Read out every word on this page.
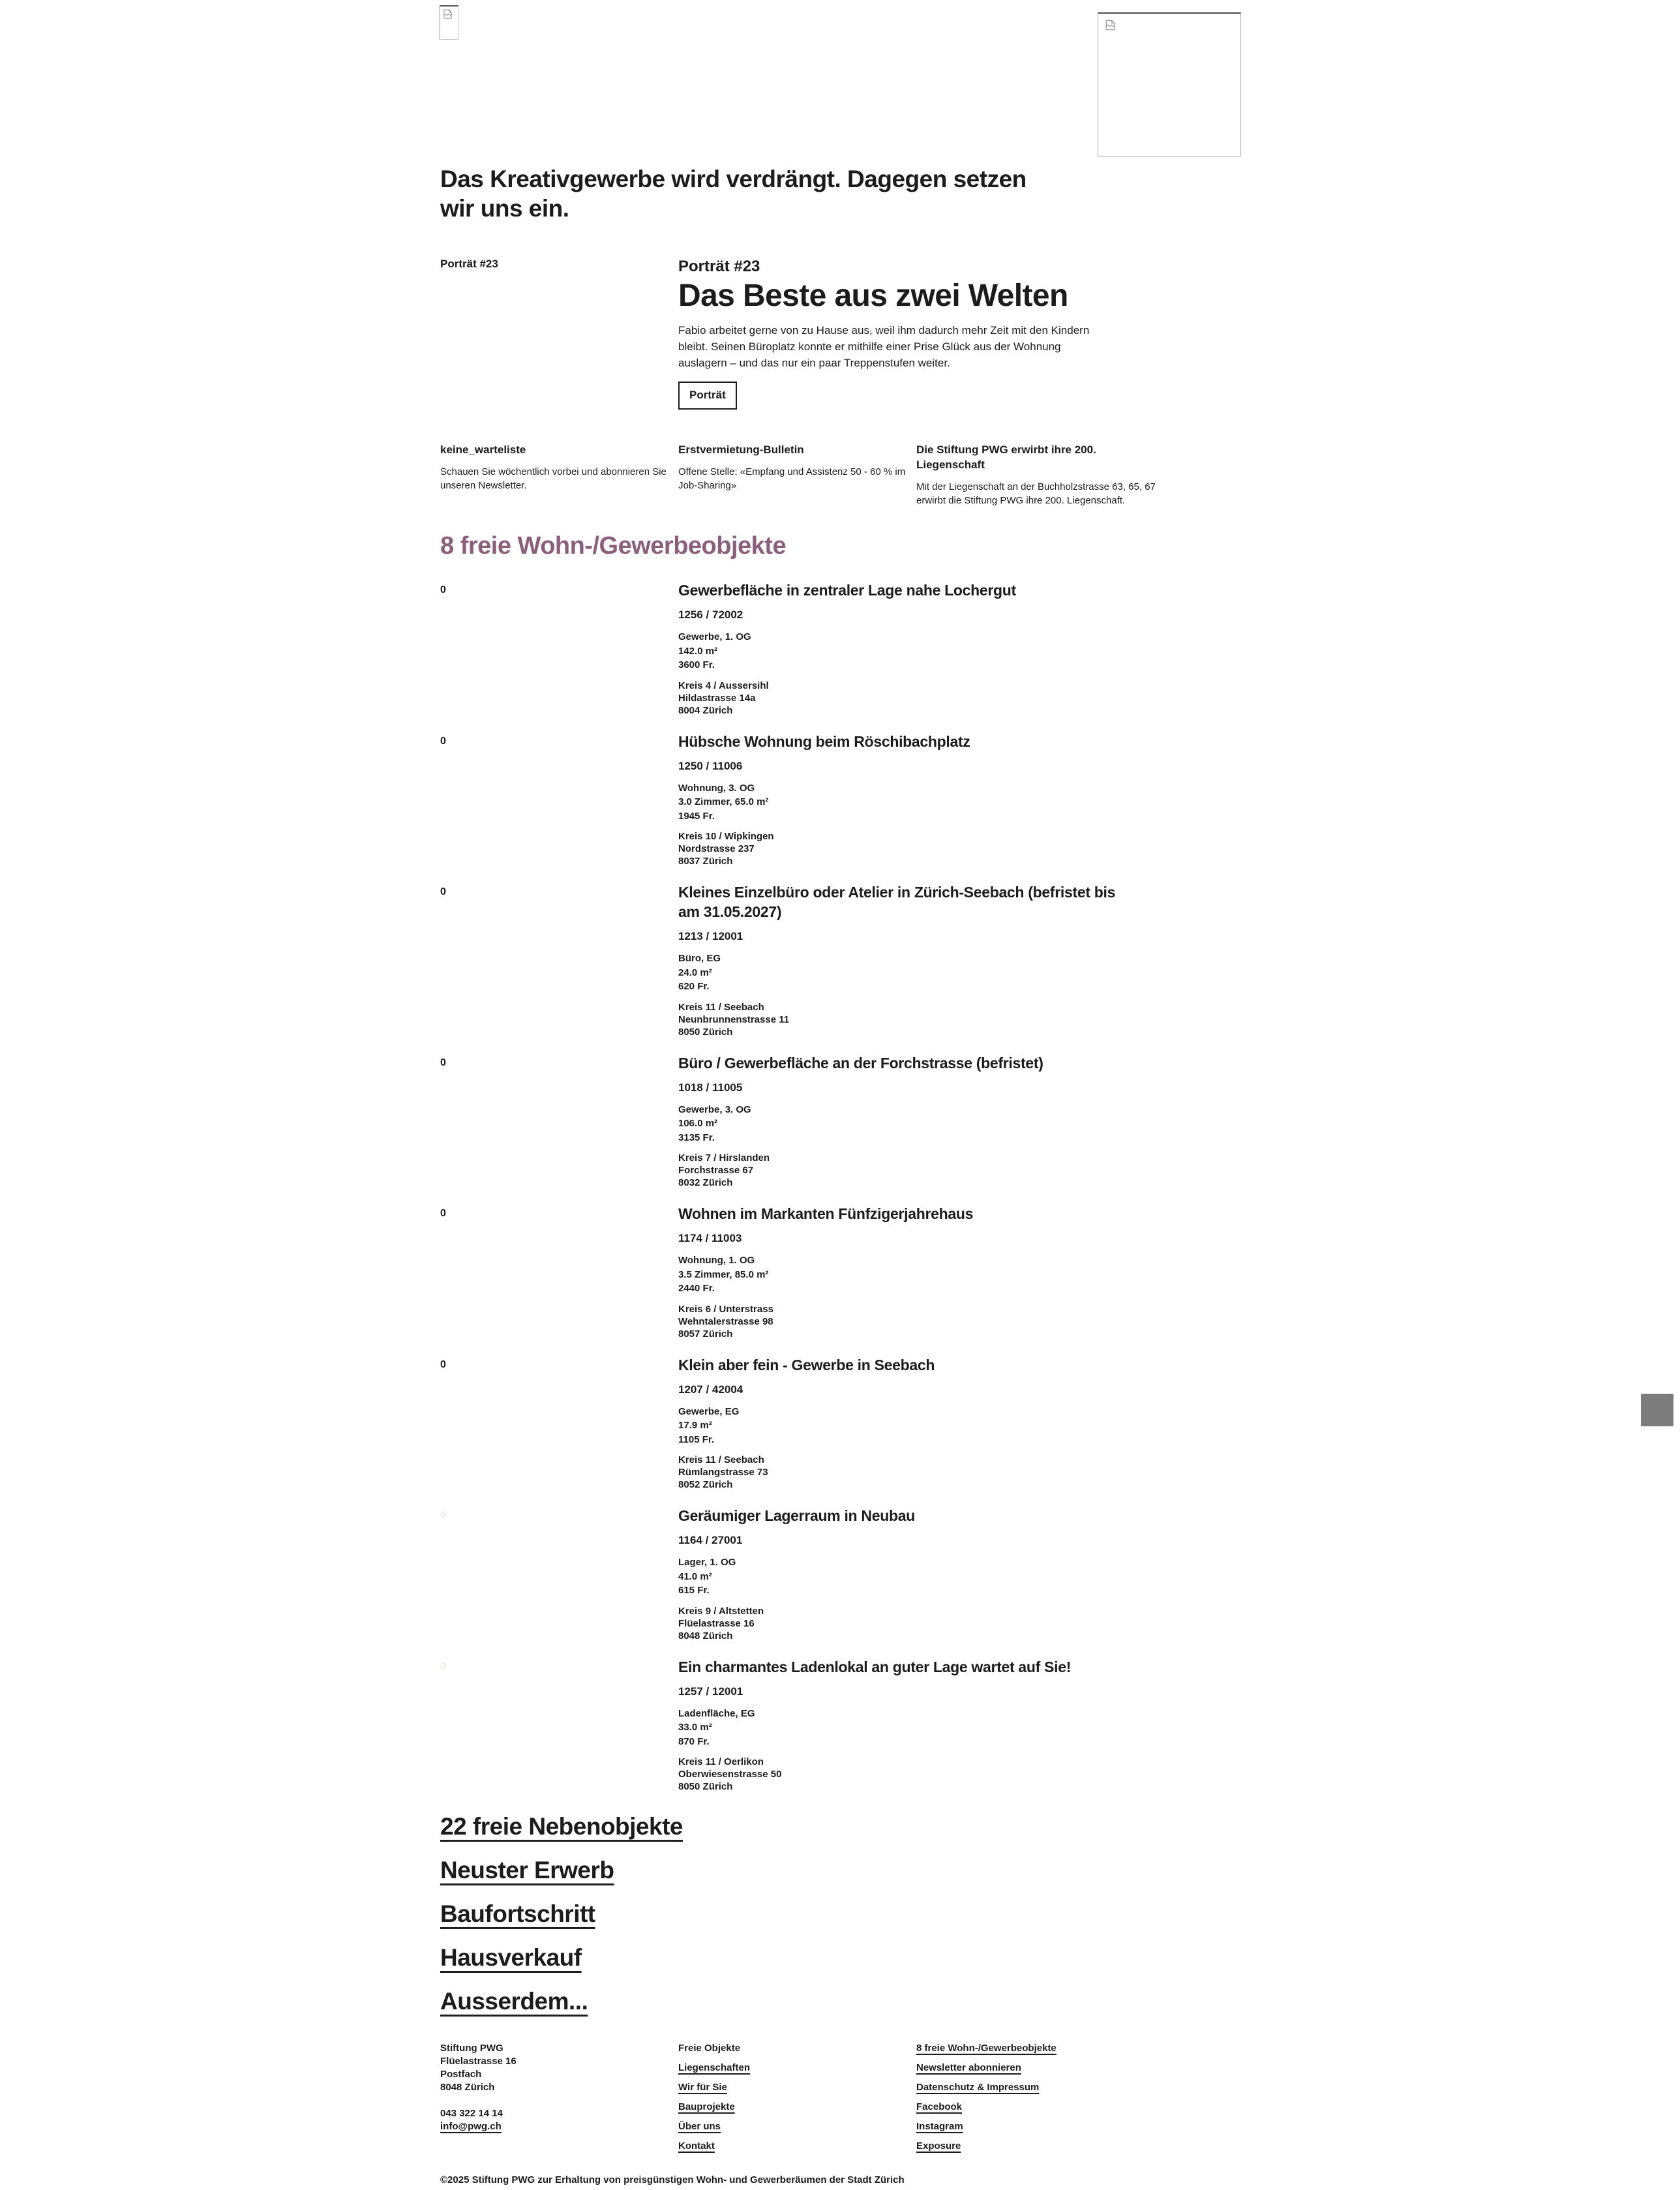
Das Kreativgewerbe wird verdrängt. Dagegen setzen wir uns ein.
Porträt #23	Porträt #23
Das Beste aus zwei Welten

Fabio arbeitet gerne von zu Hause aus, weil ihm dadurch mehr Zeit mit den Kindern bleibt. Seinen Büroplatz konnte er mithilfe einer Prise Glück aus der Wohnung auslagern – und das nur ein paar Treppenstufen weiter.

Porträt
keine_warteliste

Schauen Sie wöchentlich vorbei und abonnieren Sie unseren Newsletter.

Erstvermietung-Bulletin

Offene Stelle: «Empfang und Assistenz 50 - 60 % im Job-Sharing»

Die Stiftung PWG erwirbt ihre 200. Liegenschaft

Mit der Liegenschaft an der Buchholzstrasse 63, 65, 67 erwirbt die Stiftung PWG ihre 200. Liegenschaft.

8 freie Wohn-/Gewerbeobjekte
0	Gewerbefläche in zentraler Lage nahe Lochergut
1256 / 72002
Gewerbe, 1. OG
142.0 m²
3600 Fr.
Kreis 4 / Aussersihl
Hildastrasse 14a
8004 Zürich
0	Hübsche Wohnung beim Röschibachplatz
1250 / 11006
Wohnung, 3. OG
3.0 Zimmer, 65.0 m²
1945 Fr.
Kreis 10 / Wipkingen
Nordstrasse 237
8037 Zürich
0	Kleines Einzelbüro oder Atelier in Zürich-Seebach (befristet bis am 31.05.2027)
1213 / 12001
Büro, EG
24.0 m²
620 Fr.
Kreis 11 / Seebach
Neunbrunnenstrasse 11
8050 Zürich
0	Büro / Gewerbefläche an der Forchstrasse (befristet)
1018 / 11005
Gewerbe, 3. OG
106.0 m²
3135 Fr.
Kreis 7 / Hirslanden
Forchstrasse 67
8032 Zürich
0	Wohnen im Markanten Fünfzigerjahrehaus
1174 / 11003
Wohnung, 1. OG
3.5 Zimmer, 85.0 m²
2440 Fr.
Kreis 6 / Unterstrass
Wehntalerstrasse 98
8057 Zürich
0	Klein aber fein - Gewerbe in Seebach
1207 / 42004
Gewerbe, EG
17.9 m²
1105 Fr.
Kreis 11 / Seebach
Rümlangstrasse 73
8052 Zürich
0	Geräumiger Lagerraum in Neubau
1164 / 27001
Lager, 1. OG
41.0 m²
615 Fr.
Kreis 9 / Altstetten
Flüelastrasse 16
8048 Zürich
0	Ein charmantes Ladenlokal an guter Lage wartet auf Sie!
1257 / 12001
Ladenfläche, EG
33.0 m²
870 Fr.
Kreis 11 / Oerlikon
Oberwiesenstrasse 50
8050 Zürich
22 freie Nebenobjekte
Neuster Erwerb
Baufortschritt
Hausverkauf
Ausserdem...
Stiftung PWG
Flüelastrasse 16
Postfach
8048 Zürich
043 322 14 14
info@pwg.ch
Freie Objekte
Liegenschaften
Wir für Sie
Bauprojekte
Über uns
Kontakt
8 freie Wohn-/Gewerbeobjekte
Newsletter abonnieren
Datenschutz & Impressum
Facebook
Instagram
Exposure
©2025 Stiftung PWG zur Erhaltung von preisgünstigen Wohn- und Gewerberäumen der Stadt Zürich
